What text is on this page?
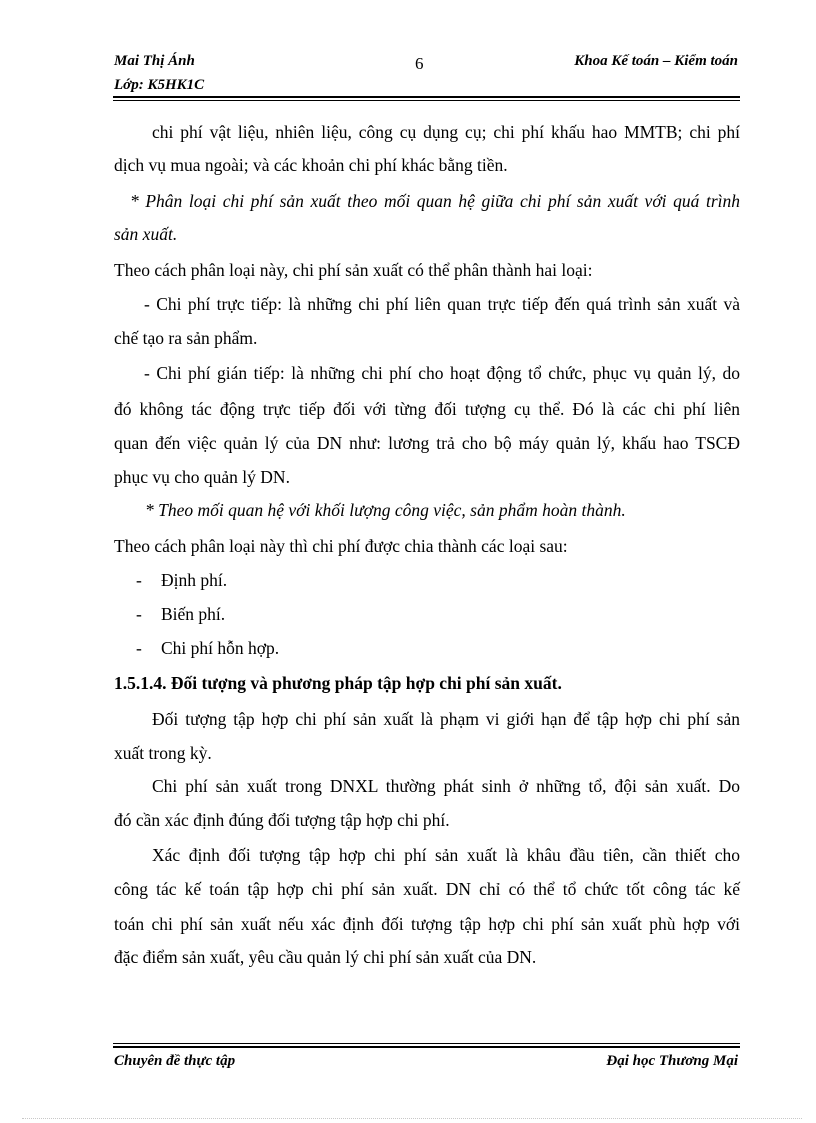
Mai Thị Ánh
Lớp: K5HK1C
6	Khoa Kế toán – Kiểm toán
chi phí vật liệu, nhiên liệu, công cụ dụng cụ; chi phí khấu hao MMTB; chi phí
dịch vụ mua ngoài; và các khoản chi phí khác bằng tiền.
* Phân loại chi phí sản xuất theo mối quan hệ giữa chi phí sản xuất với quá trình
sản xuất.
Theo cách phân loại này, chi phí sản xuất có thể phân thành hai loại:
- Chi phí trực tiếp: là những chi phí liên quan trực tiếp đến quá trình sản xuất và
chế tạo ra sản phẩm.
- Chi phí gián tiếp: là những chi phí cho hoạt động tổ chức, phục vụ quản lý, do
đó không tác động trực tiếp đối với từng đối tượng cụ thể. Đó là các chi phí liên
quan đến việc quản lý của DN như: lương trả cho bộ máy quản lý, khấu hao TSCĐ
phục vụ cho quản lý DN.
* Theo mối quan hệ với khối lượng công việc, sản phẩm hoàn thành.
Theo cách phân loại này thì chi phí được chia thành các loại sau:
- Định phí.
- Biến phí.
- Chi phí hỗn hợp.
1.5.1.4. Đối tượng và phương pháp tập hợp chi phí sản xuất.
Đối tượng tập hợp chi phí sản xuất là phạm vi giới hạn để tập hợp chi phí sản
xuất trong kỳ.
Chi phí sản xuất trong DNXL thường phát sinh ở những tổ, đội sản xuất. Do
đó cần xác định đúng đối tượng tập hợp chi phí.
Xác định đối tượng tập hợp chi phí sản xuất là khâu đầu tiên, cần thiết cho
công tác kế toán tập hợp chi phí sản xuất. DN chỉ có thể tổ chức tốt công tác kế
toán chi phí sản xuất nếu xác định đối tượng tập hợp chi phí sản xuất phù hợp với
đặc điểm sản xuất, yêu cầu quản lý chi phí sản xuất của DN.
Chuyên đề thực tập	Đại học Thương Mại
